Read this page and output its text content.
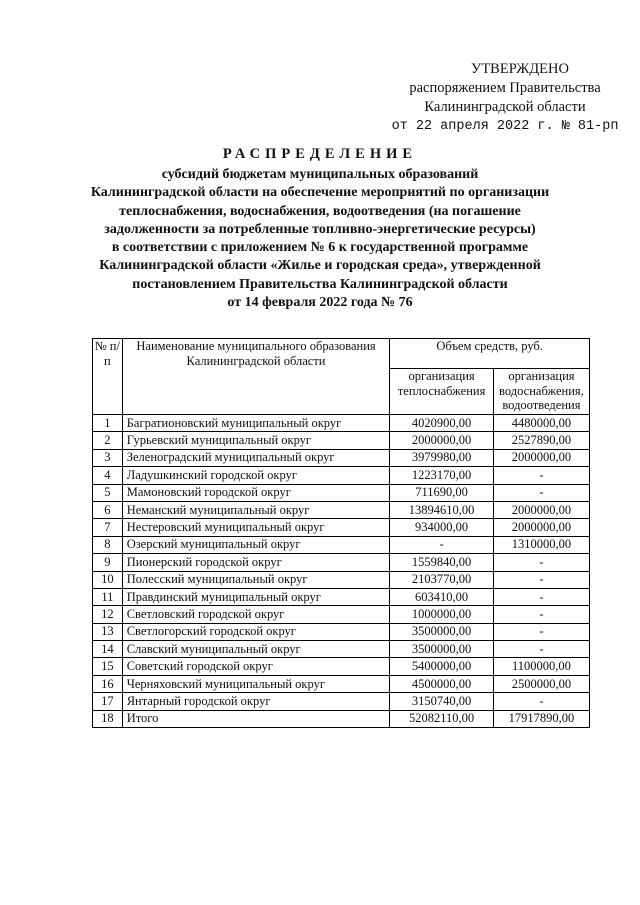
УТВЕРЖДЕНО
распоряжением Правительства
Калининградской области
от 22 апреля 2022 г. № 81-рп
РАСПРЕДЕЛЕНИЕ
субсидий бюджетам муниципальных образований
Калининградской области на обеспечение мероприятий по организации
теплоснабжения, водоснабжения, водоотведения (на погашение
задолженности за потребленные топливно-энергетические ресурсы)
в соответствии с приложением № 6 к государственной программе
Калининградской области «Жилье и городская среда», утвержденной
постановлением Правительства Калининградской области
от 14 февраля 2022 года № 76
№ п/п	Наименование муниципального образования Калининградской области	Объем средств, руб.	
		организация теплоснабжения	организация водоснабжения, водоотведения
1	Багратионовский муниципальный округ	4020900,00	4480000,00
2	Гурьевский муниципальный округ	2000000,00	2527890,00
3	Зеленоградский муниципальный округ	3979980,00	2000000,00
4	Ладушкинский городской округ	1223170,00	-
5	Мамоновский городской округ	711690,00	-
6	Неманский муниципальный округ	13894610,00	2000000,00
7	Нестеровский муниципальный округ	934000,00	2000000,00
8	Озерский муниципальный округ	-	1310000,00
9	Пионерский городской округ	1559840,00	-
10	Полесский муниципальный округ	2103770,00	-
11	Правдинский муниципальный округ	603410,00	-
12	Светловский городской округ	1000000,00	-
13	Светлогорский городской округ	3500000,00	-
14	Славский муниципальный округ	3500000,00	-
15	Советский городской округ	5400000,00	1100000,00
16	Черняховский муниципальный округ	4500000,00	2500000,00
17	Янтарный городской округ	3150740,00	-
18	Итого	52082110,00	17917890,00
